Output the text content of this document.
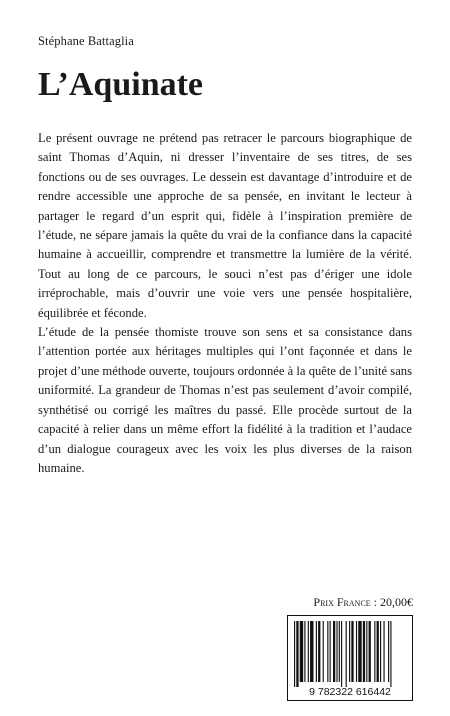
Stéphane Battaglia
L’Aquinate

Le présent ouvrage ne prétend pas retracer le parcours biographique de saint Thomas d’Aquin, ni dresser l’inventaire de ses titres, de ses fonctions ou de ses ouvrages. Le dessein est davantage d’introduire et de rendre accessible une approche de sa pensée, en invitant le lecteur à partager le regard d’un esprit qui, fidèle à l’inspiration première de l’étude, ne sépare jamais la quête du vrai de la confiance dans la capacité humaine à accueillir, comprendre et transmettre la lumière de la vérité. Tout au long de ce parcours, le souci n’est pas d’ériger une idole irréprochable, mais d’ouvrir une voie vers une pensée hospitalière, équilibrée et féconde.

L’étude de la pensée thomiste trouve son sens et sa consistance dans l’attention portée aux héritages multiples qui l’ont façonnée et dans le projet d’une méthode ouverte, toujours ordonnée à la quête de l’unité sans uniformité. La grandeur de Thomas n’est pas seulement d’avoir compilé, synthétisé ou corrigé les maîtres du passé. Elle procède surtout de la capacité à relier dans un même effort la fidélité à la tradition et l’audace d’un dialogue courageux avec les voix les plus diverses de la raison humaine.

Prix France : 20,00€
9 782322 616442
